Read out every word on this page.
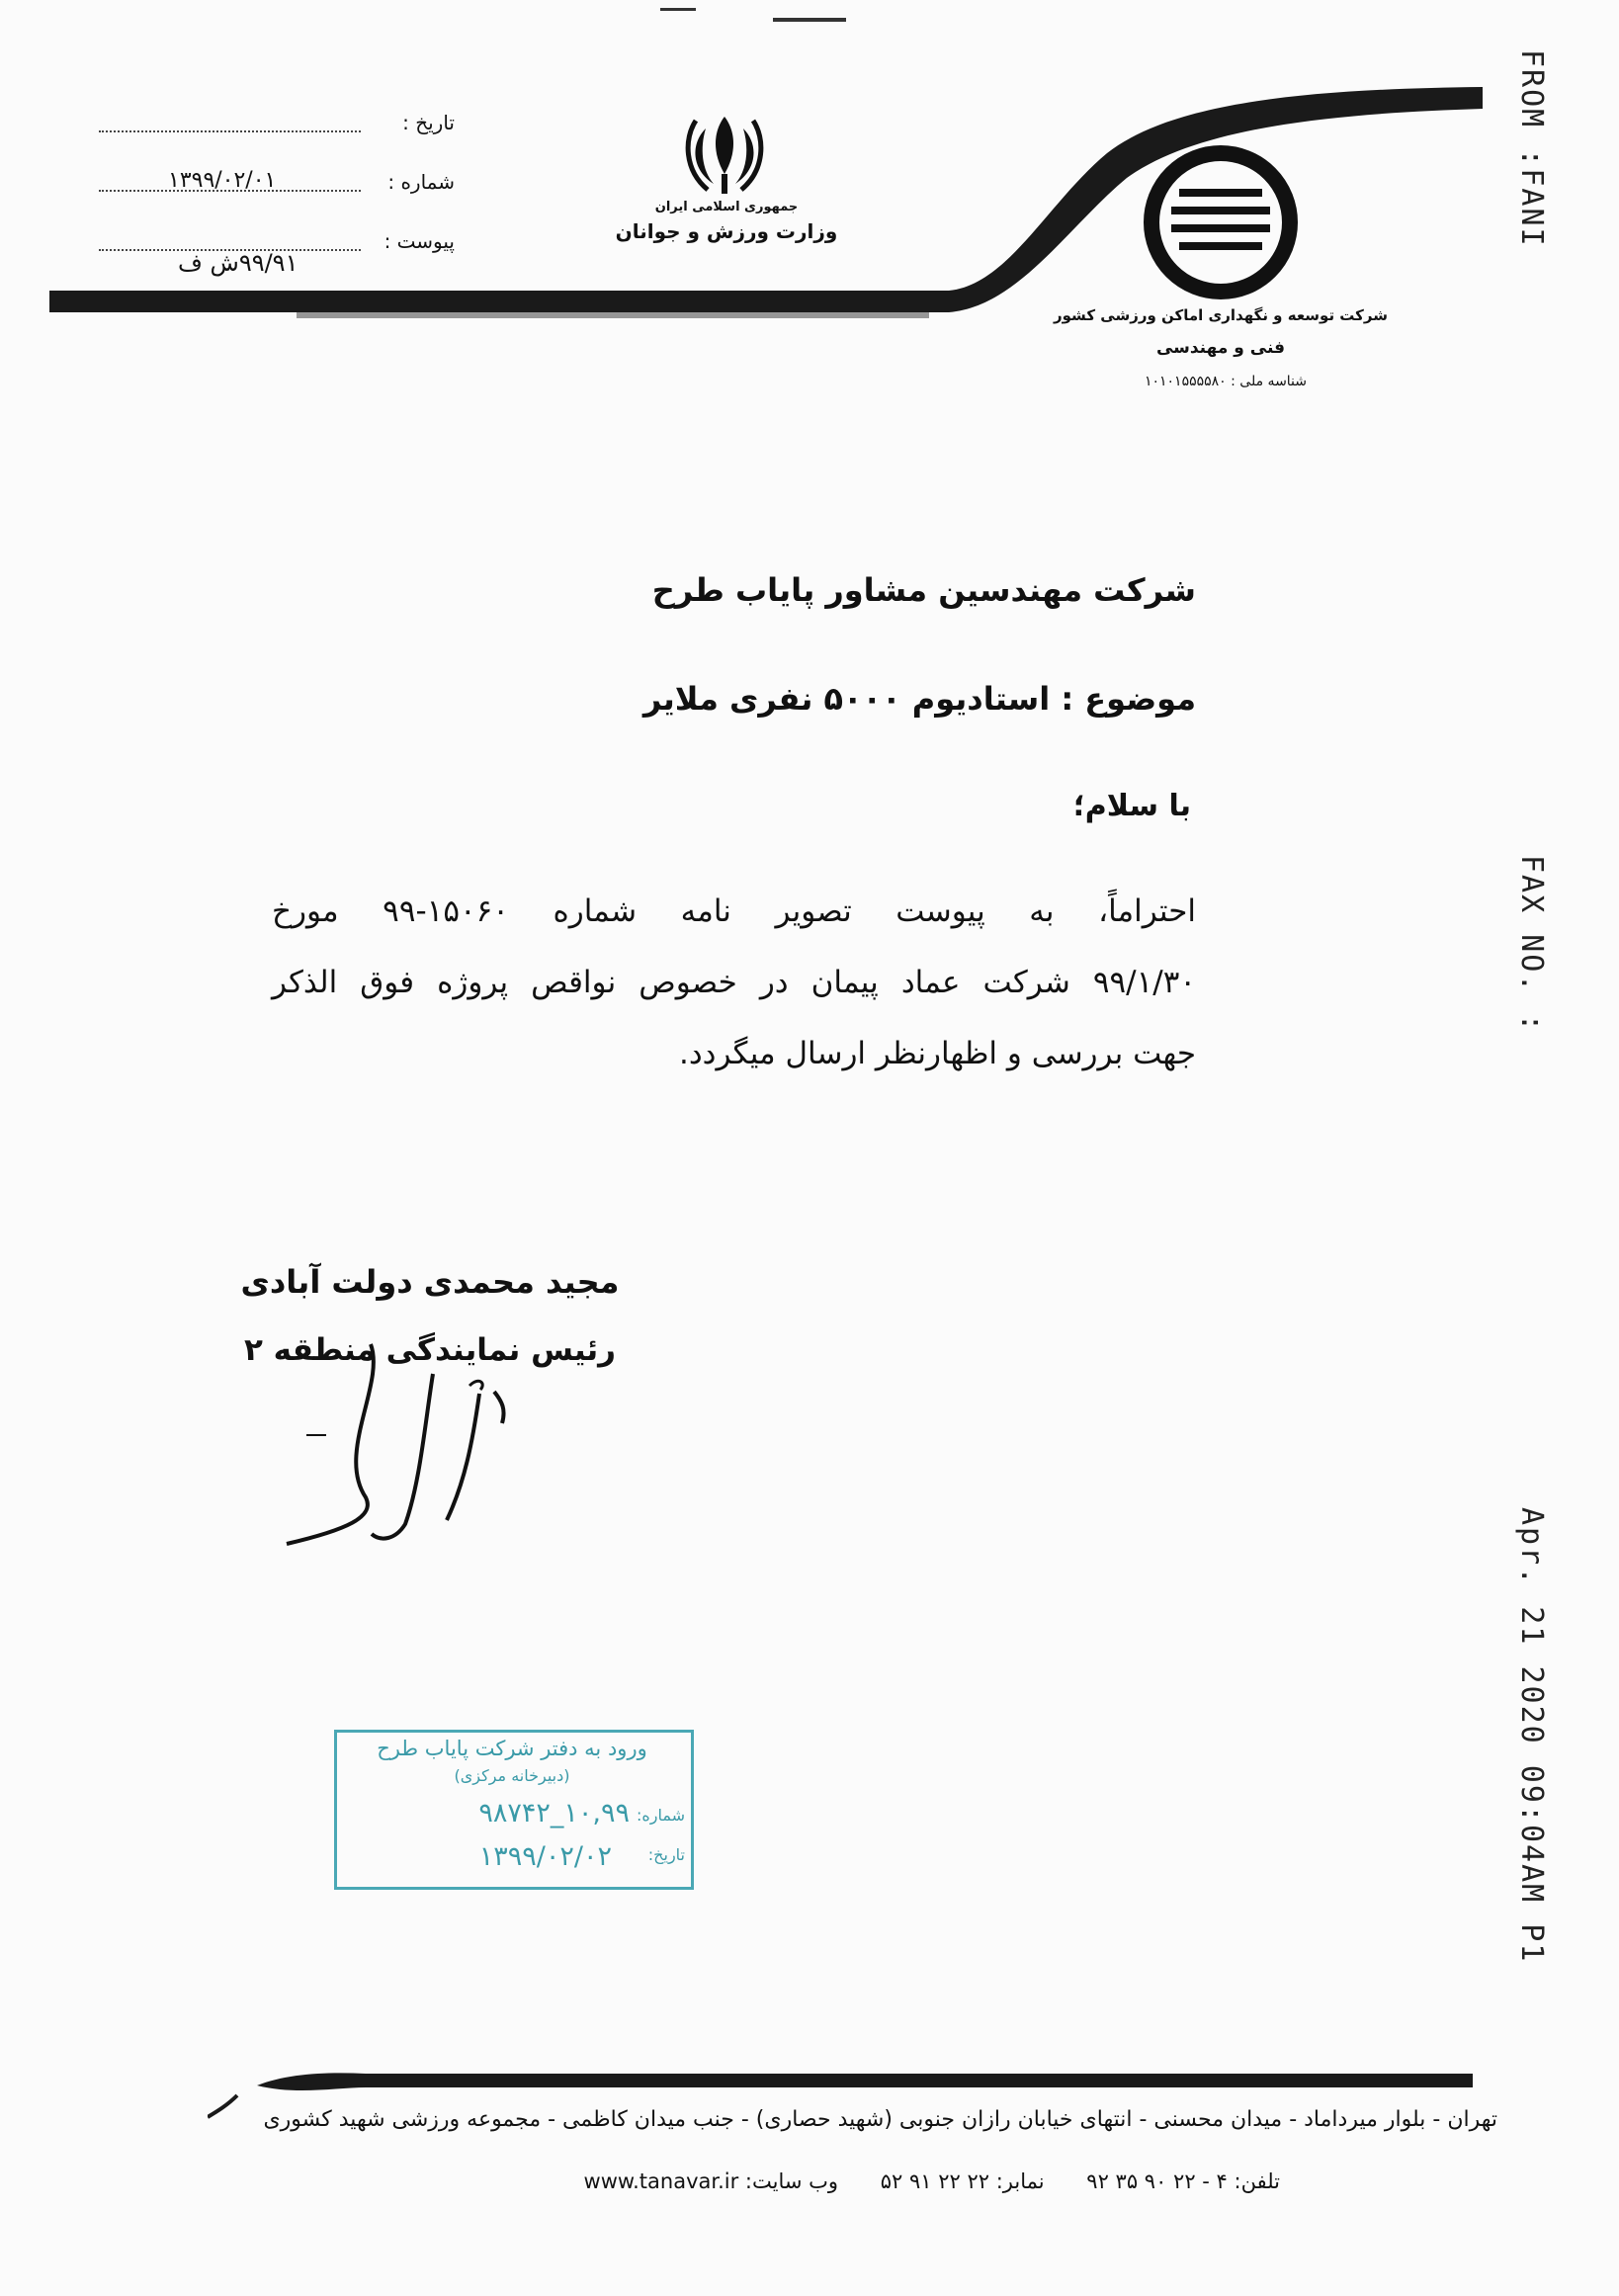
جمهوری اسلامی ایران
وزارت ورزش و جوانان
شرکت توسعه و نگهداری اماکن ورزشی کشور
فنی و مهندسی
شناسه ملی : ۱۰۱۰۱۵۵۵۵۸۰
تاریخ :
شماره :
۱۳۹۹/۰۲/۰۱
پیوست :
۹۹/۹۱ش ف
FROM :FANI
FAX NO. :
Apr. 21 2020 09:04AM P1
شرکت مهندسین مشاور پایاب طرح
موضوع : استادیوم ۵۰۰۰ نفری ملایر
با سلام؛
احتراماً، به پیوست تصویر نامه شماره ۱۵۰۶۰-۹۹ مورخ
۹۹/۱/۳۰ شرکت عماد پیمان در خصوص نواقص پروژه فوق الذکر
جهت بررسی و اظهارنظر ارسال میگردد.
مجید محمدی دولت آبادی
رئیس نمایندگی منطقه ۲
ورود به دفتر شرکت پایاب طرح
(دبیرخانه مرکزی)
شماره:
۱۰,۹۹_۹۸۷۴۲
تاریخ:
۱۳۹۹/۰۲/۰۲
تهران - بلوار میرداماد - میدان محسنی - انتهای خیابان رازان جنوبی (شهید حصاری) - جنب میدان کاظمی - مجموعه ورزشی شهید کشوری
تلفن: ۴ - ۲۲ ۹۰ ۳۵ ۹۲ نمابر: ۲۲ ۲۲ ۹۱ ۵۲ وب سایت: www.tanavar.ir
